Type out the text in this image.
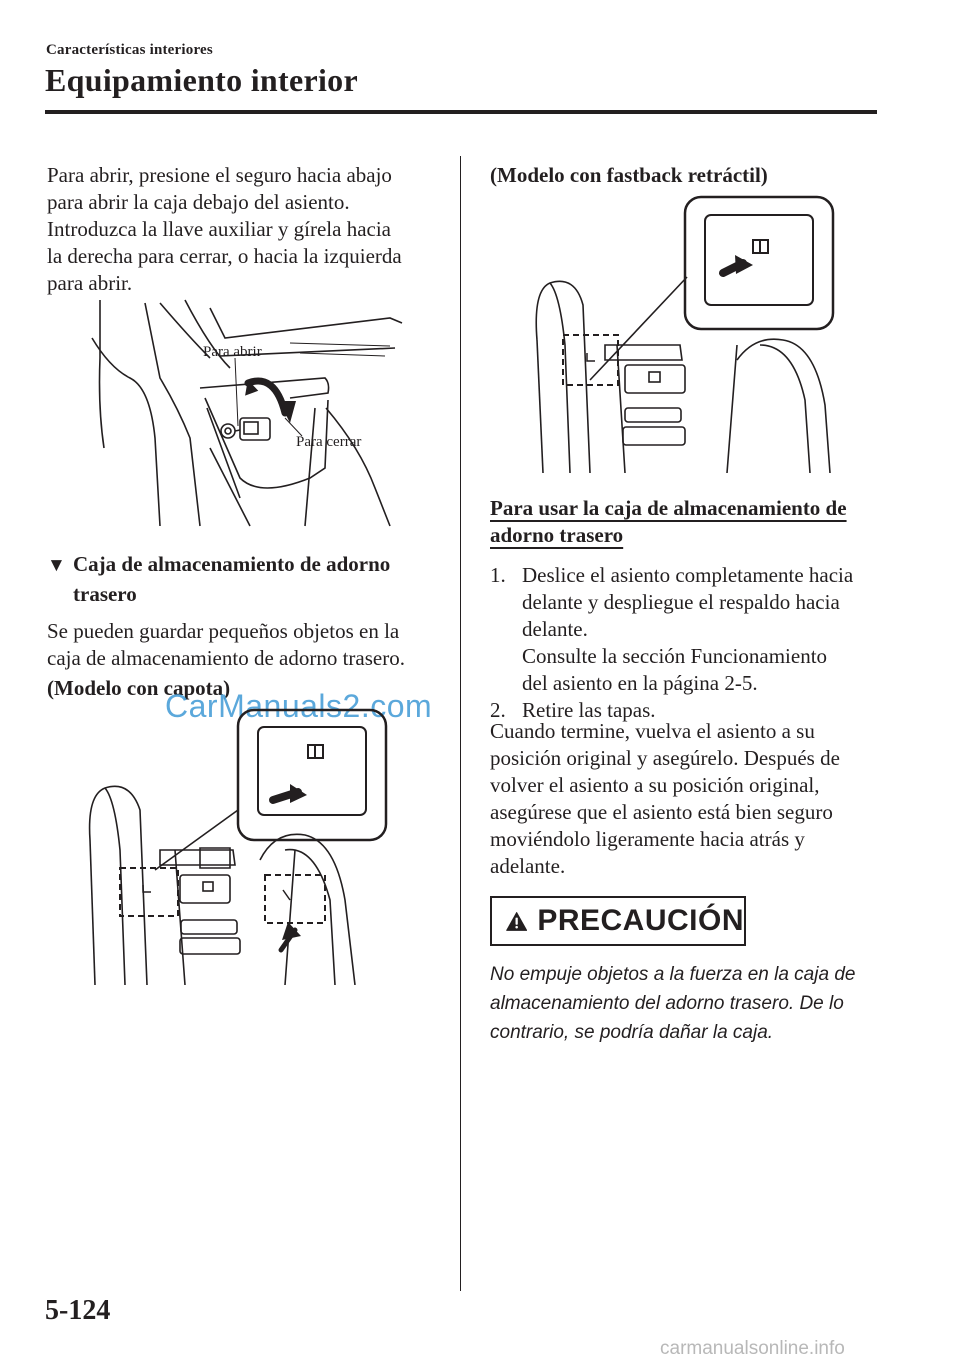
Características interiores
Equipamiento interior
Para abrir, presione el seguro hacia abajo
para abrir la caja debajo del asiento.
Introduzca la llave auxiliar y gírela hacia
la derecha para cerrar, o hacia la izquierda
para abrir.
Para abrir
Para cerrar
▼ Caja de almacenamiento de adorno
trasero
Se pueden guardar pequeños objetos en la
caja de almacenamiento de adorno trasero.
(Modelo con capota)
CarManuals2.com
(Modelo con fastback retráctil)
Para usar la caja de almacenamiento de
adorno trasero
1. Deslice el asiento completamente hacia
delante y despliegue el respaldo hacia
delante.
Consulte la sección Funcionamiento
del asiento en la página 2-5.
2. Retire las tapas.
Cuando termine, vuelva el asiento a su
posición original y asegúrelo. Después de
volver el asiento a su posición original,
asegúrese que el asiento está bien seguro
moviéndolo ligeramente hacia atrás y
adelante.
PRECAUCIÓN
No empuje objetos a la fuerza en la caja de
almacenamiento del adorno trasero. De lo
contrario, se podría dañar la caja.
5-124
carmanualsonline.info
